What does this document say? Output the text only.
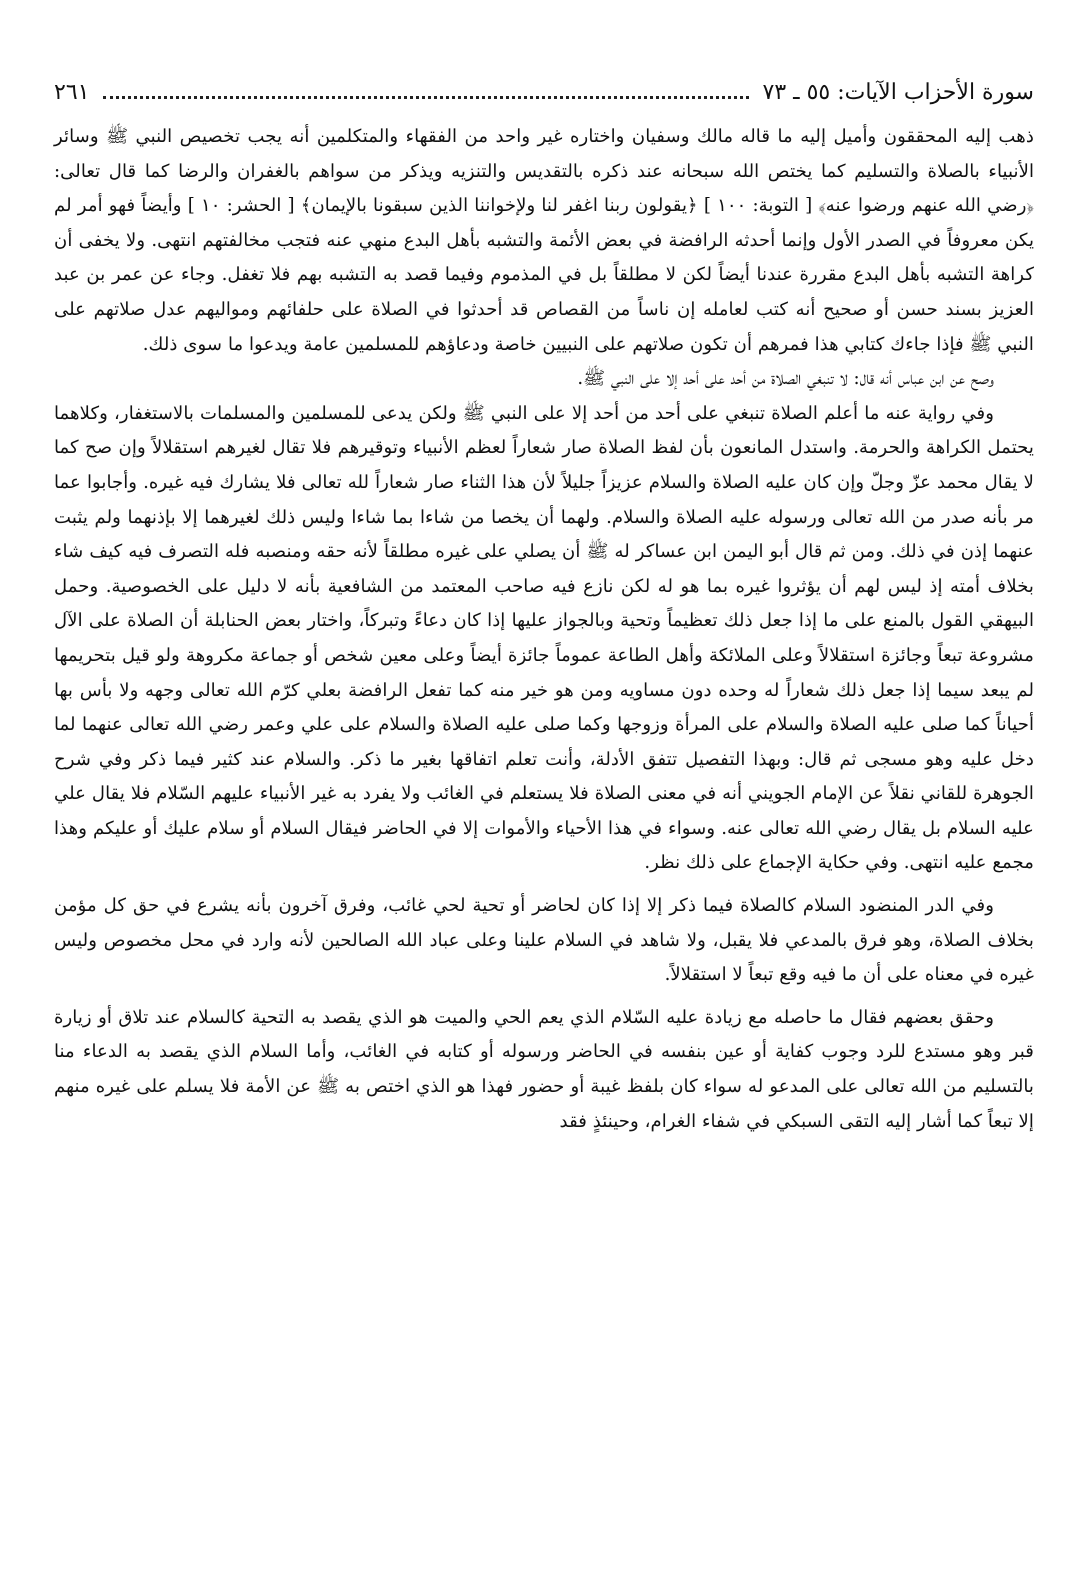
سورة الأحزاب الآيات: ٥٥ ـ ٧٣
٢٦١

ذهب إليه المحققون وأميل إليه ما قاله مالك وسفيان واختاره غير واحد من الفقهاء والمتكلمين أنه يجب تخصيص النبي ﷺ وسائر الأنبياء بالصلاة والتسليم كما يختص الله سبحانه عند ذكره بالتقديس والتنزيه ويذكر من سواهم بالغفران والرضا كما قال تعالى: ﴿رضي الله عنهم ورضوا عنه﴾ [ التوبة: ١٠٠ ] ﴿يقولون ربنا اغفر لنا ولإخواننا الذين سبقونا بالإيمان﴾ [ الحشر: ١٠ ] وأيضاً فهو أمر لم يكن معروفاً في الصدر الأول وإنما أحدثه الرافضة في بعض الأئمة والتشبه بأهل البدع منهي عنه فتجب مخالفتهم انتهى. ولا يخفى أن كراهة التشبه بأهل البدع مقررة عندنا أيضاً لكن لا مطلقاً بل في المذموم وفيما قصد به التشبه بهم فلا تغفل. وجاء عن عمر بن عبد العزيز بسند حسن أو صحيح أنه كتب لعامله إن ناساً من القصاص قد أحدثوا في الصلاة على حلفائهم ومواليهم عدل صلاتهم على النبي ﷺ فإذا جاءك كتابي هذا فمرهم أن تكون صلاتهم على النبيين خاصة ودعاؤهم للمسلمين عامة ويدعوا ما سوى ذلك.

وصح عن ابن عباس أنه قال: لا تنبغي الصلاة من أحد على أحد إلا على النبي ﷺ.

وفي رواية عنه ما أعلم الصلاة تنبغي على أحد من أحد إلا على النبي ﷺ ولكن يدعى للمسلمين والمسلمات بالاستغفار، وكلاهما يحتمل الكراهة والحرمة. واستدل المانعون بأن لفظ الصلاة صار شعاراً لعظم الأنبياء وتوقيرهم فلا تقال لغيرهم استقلالاً وإن صح كما لا يقال محمد عزّ وجلّ وإن كان عليه الصلاة والسلام عزيزاً جليلاً لأن هذا الثناء صار شعاراً لله تعالى فلا يشارك فيه غيره. وأجابوا عما مر بأنه صدر من الله تعالى ورسوله عليه الصلاة والسلام. ولهما أن يخصا من شاءا بما شاءا وليس ذلك لغيرهما إلا بإذنهما ولم يثبت عنهما إذن في ذلك. ومن ثم قال أبو اليمن ابن عساكر له ﷺ أن يصلي على غيره مطلقاً لأنه حقه ومنصبه فله التصرف فيه كيف شاء بخلاف أمته إذ ليس لهم أن يؤثروا غيره بما هو له لكن نازع فيه صاحب المعتمد من الشافعية بأنه لا دليل على الخصوصية. وحمل البيهقي القول بالمنع على ما إذا جعل ذلك تعظيماً وتحية وبالجواز عليها إذا كان دعاءً وتبركاً، واختار بعض الحنابلة أن الصلاة على الآل مشروعة تبعاً وجائزة استقلالاً وعلى الملائكة وأهل الطاعة عموماً جائزة أيضاً وعلى معين شخص أو جماعة مكروهة ولو قيل بتحريمها لم يبعد سيما إذا جعل ذلك شعاراً له وحده دون مساويه ومن هو خير منه كما تفعل الرافضة بعلي كرّم الله تعالى وجهه ولا بأس بها أحياناً كما صلى عليه الصلاة والسلام على المرأة وزوجها وكما صلى عليه الصلاة والسلام على علي وعمر رضي الله تعالى عنهما لما دخل عليه وهو مسجى ثم قال: وبهذا التفصيل تتفق الأدلة، وأنت تعلم اتفاقها بغير ما ذكر. والسلام عند كثير فيما ذكر وفي شرح الجوهرة للقاني نقلاً عن الإمام الجويني أنه في معنى الصلاة فلا يستعلم في الغائب ولا يفرد به غير الأنبياء عليهم السّلام فلا يقال علي عليه السلام بل يقال رضي الله تعالى عنه. وسواء في هذا الأحياء والأموات إلا في الحاضر فيقال السلام أو سلام عليك أو عليكم وهذا مجمع عليه انتهى. وفي حكاية الإجماع على ذلك نظر.

وفي الدر المنضود السلام كالصلاة فيما ذكر إلا إذا كان لحاضر أو تحية لحي غائب، وفرق آخرون بأنه يشرع في حق كل مؤمن بخلاف الصلاة، وهو فرق بالمدعي فلا يقبل، ولا شاهد في السلام علينا وعلى عباد الله الصالحين لأنه وارد في محل مخصوص وليس غيره في معناه على أن ما فيه وقع تبعاً لا استقلالاً.

وحقق بعضهم فقال ما حاصله مع زيادة عليه السّلام الذي يعم الحي والميت هو الذي يقصد به التحية كالسلام عند تلاق أو زيارة قبر وهو مستدع للرد وجوب كفاية أو عين بنفسه في الحاضر ورسوله أو كتابه في الغائب، وأما السلام الذي يقصد به الدعاء منا بالتسليم من الله تعالى على المدعو له سواء كان بلفظ غيبة أو حضور فهذا هو الذي اختص به ﷺ عن الأمة فلا يسلم على غيره منهم إلا تبعاً كما أشار إليه التقى السبكي في شفاء الغرام، وحينئذٍ فقد
